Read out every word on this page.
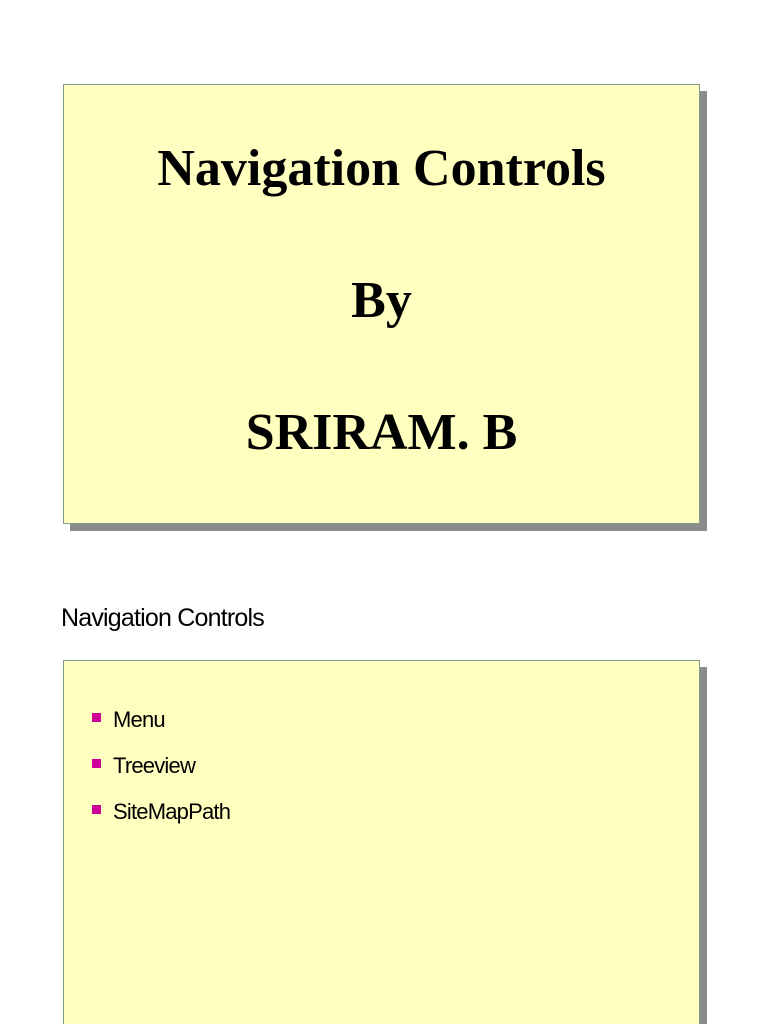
Navigation Controls
By
SRIRAM. B
Navigation Controls
Menu
Treeview
SiteMapPath
